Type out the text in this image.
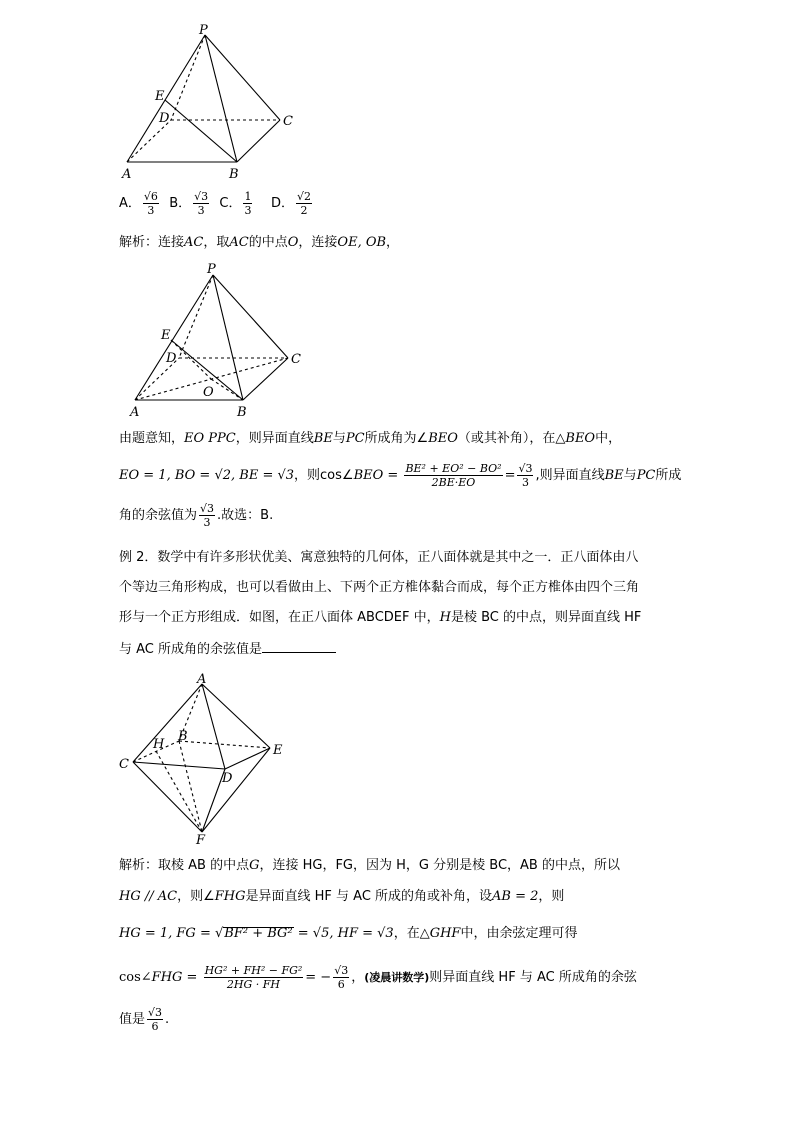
P
E
D	C
A	B
A． $\frac{√6}{3}$ B． $\frac{√3}{3}$ C． $\frac{1}{3}$ D． $\frac{√2}{2}$
解析：连接AC，取AC的中点O，连接OE, OB，
P
E
D	C
O
A	B
由题意知，EO PPC，则异面直线BE与PC所成角为∠BEO（或其补角），在△BEO中，
EO = 1, BO = √2, BE = √3，则cos∠BEO = $\frac{\text{BE² + EO² − BO²}}{2BE\cdot EO} = \frac{√3}{3}$ ,则异面直线BE与PC所成
角的余弦值为 $\frac{√3}{3}$ .故选：B.
例 2．数学中有许多形状优美、寓意独特的几何体，正八面体就是其中之一．正八面体由八
个等边三角形构成，也可以看做由上、下两个正方椎体黏合而成，每个正方椎体由四个三角
形与一个正方形组成．如图，在正八面体 ABCDEF 中，H是棱 BC 的中点，则异面直线 HF
与 AC 所成角的余弦值是
A
H
B
E
C
D
F
解析：取棱 AB 的中点G，连接 HG，FG，因为 H，G 分别是棱 BC，AB 的中点，所以
HG // AC，则∠FHG是异面直线 HF 与 AC 所成的角或补角，设AB = 2，则
HG = 1, FG = √BF² + BG² = √5, HF = √3，在△GHF中，由余弦定理可得
cos∠FHG = $\frac{\text{HG² + FH² − FG²}}{2HG \cdot FH}$ = − $\frac{√3}{6}$ ，(凌晨讲数学)则异面直线 HF 与 AC 所成角的余弦
值是 $\frac{√3}{6}$ .
